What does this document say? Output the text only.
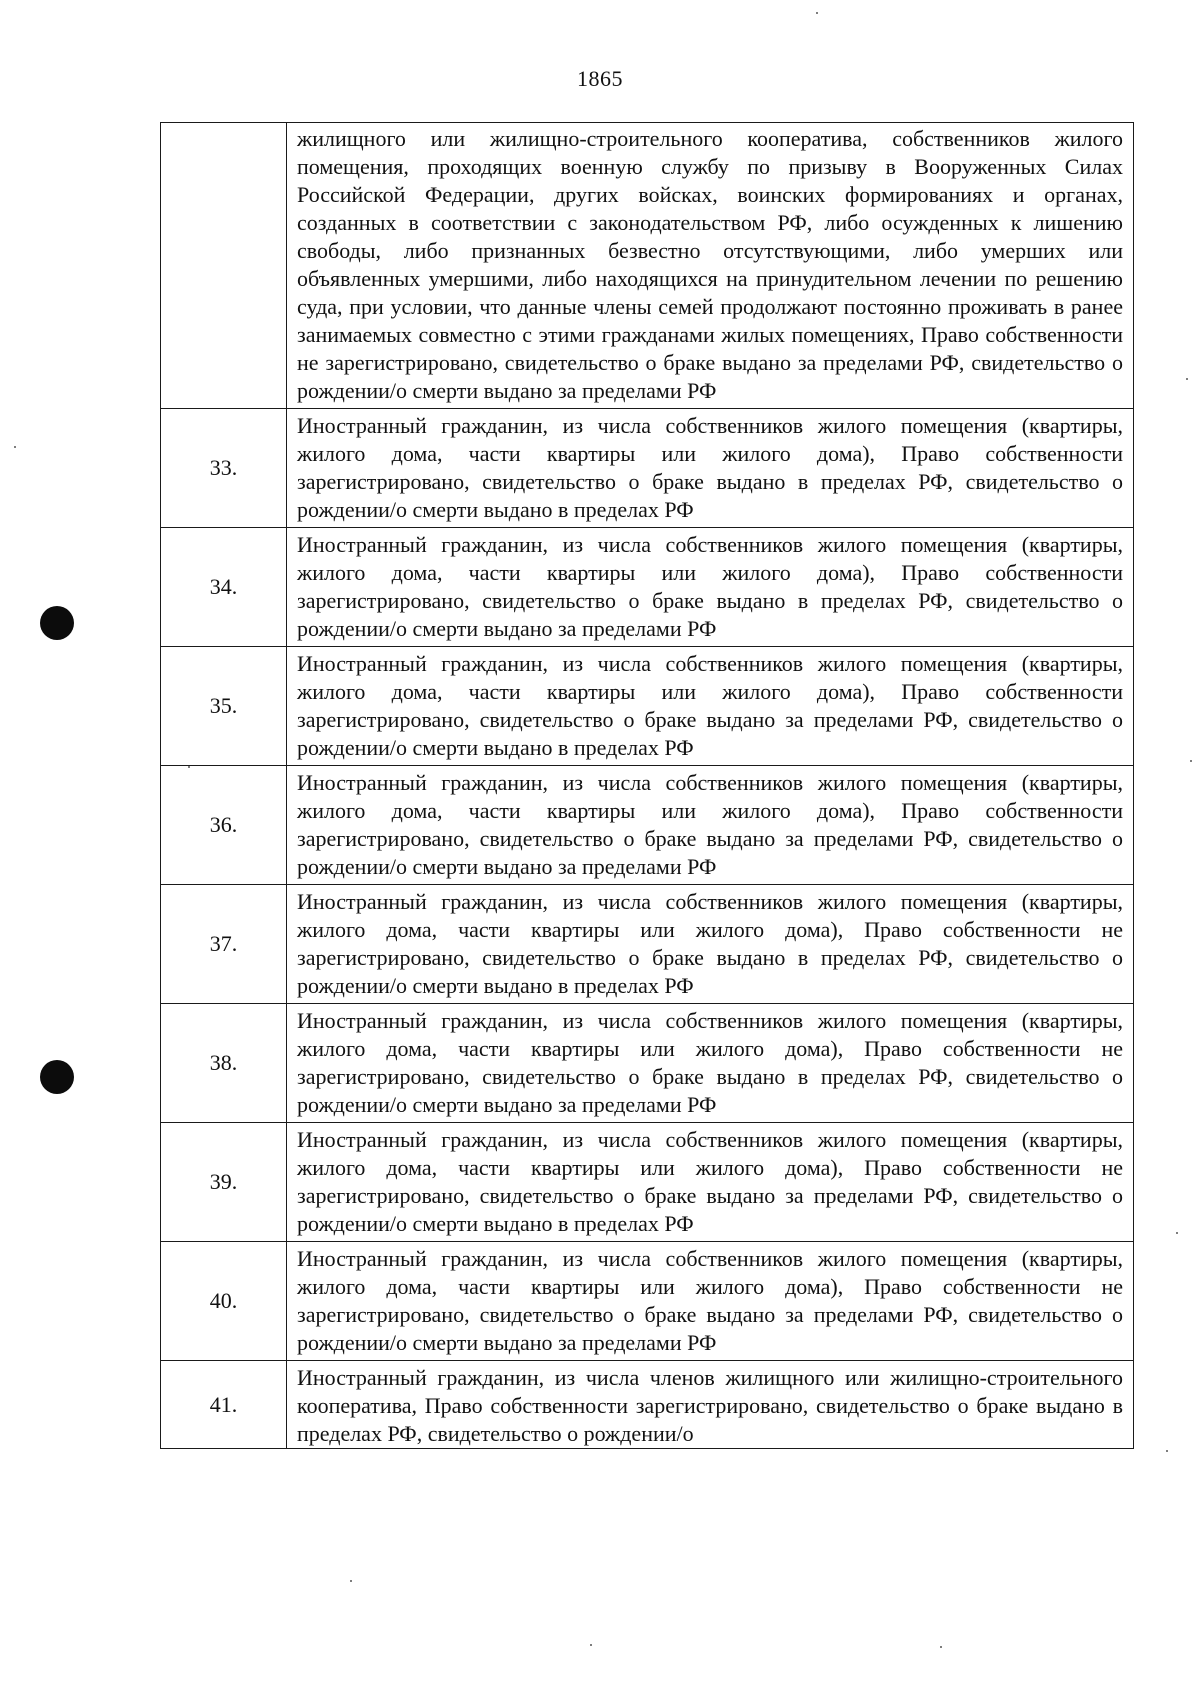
1865

	жилищного или жилищно-строительного кооператива, собственников жилого помещения, проходящих военную службу по призыву в Вооруженных Силах Российской Федерации, других войсках, воинских формированиях и органах, созданных в соответствии с законодательством РФ, либо осужденных к лишению свободы, либо признанных безвестно отсутствующими, либо умерших или объявленных умершими, либо находящихся на принудительном лечении по решению суда, при условии, что данные члены семей продолжают постоянно проживать в ранее занимаемых совместно с этими гражданами жилых помещениях, Право собственности не зарегистрировано, свидетельство о браке выдано за пределами РФ, свидетельство о рождении/о смерти выдано за пределами РФ

33.	Иностранный гражданин, из числа собственников жилого помещения (квартиры, жилого дома, части квартиры или жилого дома), Право собственности зарегистрировано, свидетельство о браке выдано в пределах РФ, свидетельство о рождении/о смерти выдано в пределах РФ

34.	Иностранный гражданин, из числа собственников жилого помещения (квартиры, жилого дома, части квартиры или жилого дома), Право собственности зарегистрировано, свидетельство о браке выдано в пределах РФ, свидетельство о рождении/о смерти выдано за пределами РФ

35.	Иностранный гражданин, из числа собственников жилого помещения (квартиры, жилого дома, части квартиры или жилого дома), Право собственности зарегистрировано, свидетельство о браке выдано за пределами РФ, свидетельство о рождении/о смерти выдано в пределах РФ

36.	Иностранный гражданин, из числа собственников жилого помещения (квартиры, жилого дома, части квартиры или жилого дома), Право собственности зарегистрировано, свидетельство о браке выдано за пределами РФ, свидетельство о рождении/о смерти выдано за пределами РФ

37.	Иностранный гражданин, из числа собственников жилого помещения (квартиры, жилого дома, части квартиры или жилого дома), Право собственности не зарегистрировано, свидетельство о браке выдано в пределах РФ, свидетельство о рождении/о смерти выдано в пределах РФ

38.	Иностранный гражданин, из числа собственников жилого помещения (квартиры, жилого дома, части квартиры или жилого дома), Право собственности не зарегистрировано, свидетельство о браке выдано в пределах РФ, свидетельство о рождении/о смерти выдано за пределами РФ

39.	Иностранный гражданин, из числа собственников жилого помещения (квартиры, жилого дома, части квартиры или жилого дома), Право собственности не зарегистрировано, свидетельство о браке выдано за пределами РФ, свидетельство о рождении/о смерти выдано в пределах РФ

40.	Иностранный гражданин, из числа собственников жилого помещения (квартиры, жилого дома, части квартиры или жилого дома), Право собственности не зарегистрировано, свидетельство о браке выдано за пределами РФ, свидетельство о рождении/о смерти выдано за пределами РФ

41.	Иностранный гражданин, из числа членов жилищного или жилищно-строительного кооператива, Право собственности зарегистрировано, свидетельство о браке выдано в пределах РФ, свидетельство о рождении/о
